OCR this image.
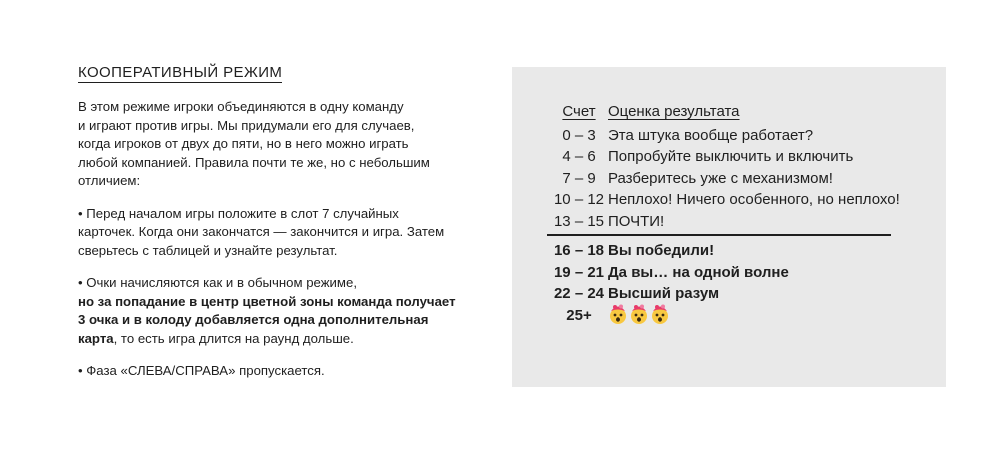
КООПЕРАТИВНЫЙ РЕЖИМ

В этом режиме игроки объединяются в одну команду
и играют против игры. Мы придумали его для случаев,
когда игроков от двух до пяти, но в него можно играть
любой компанией. Правила почти те же, но с небольшим
отличием:

• Перед началом игры положите в слот 7 случайных
карточек. Когда они закончатся — закончится и игра. Затем
сверьтесь с таблицей и узнайте результат.

• Очки начисляются как и в обычном режиме,
но за попадание в центр цветной зоны команда получает
3 очка и в колоду добавляется одна дополнительная
карта, то есть игра длится на раунд дольше.

• Фаза «СЛЕВА/СПРАВА» пропускается.

Счет Оценка результата
0 – 3 Эта штука вообще работает?
4 – 6 Попробуйте выключить и включить
7 – 9 Разберитесь уже с механизмом!
10 – 12 Неплохо! Ничего особенного, но неплохо!
13 – 15 ПОЧТИ!
16 – 18 Вы победили!
19 – 21 Да вы… на одной волне
22 – 24 Высший разум
25+
